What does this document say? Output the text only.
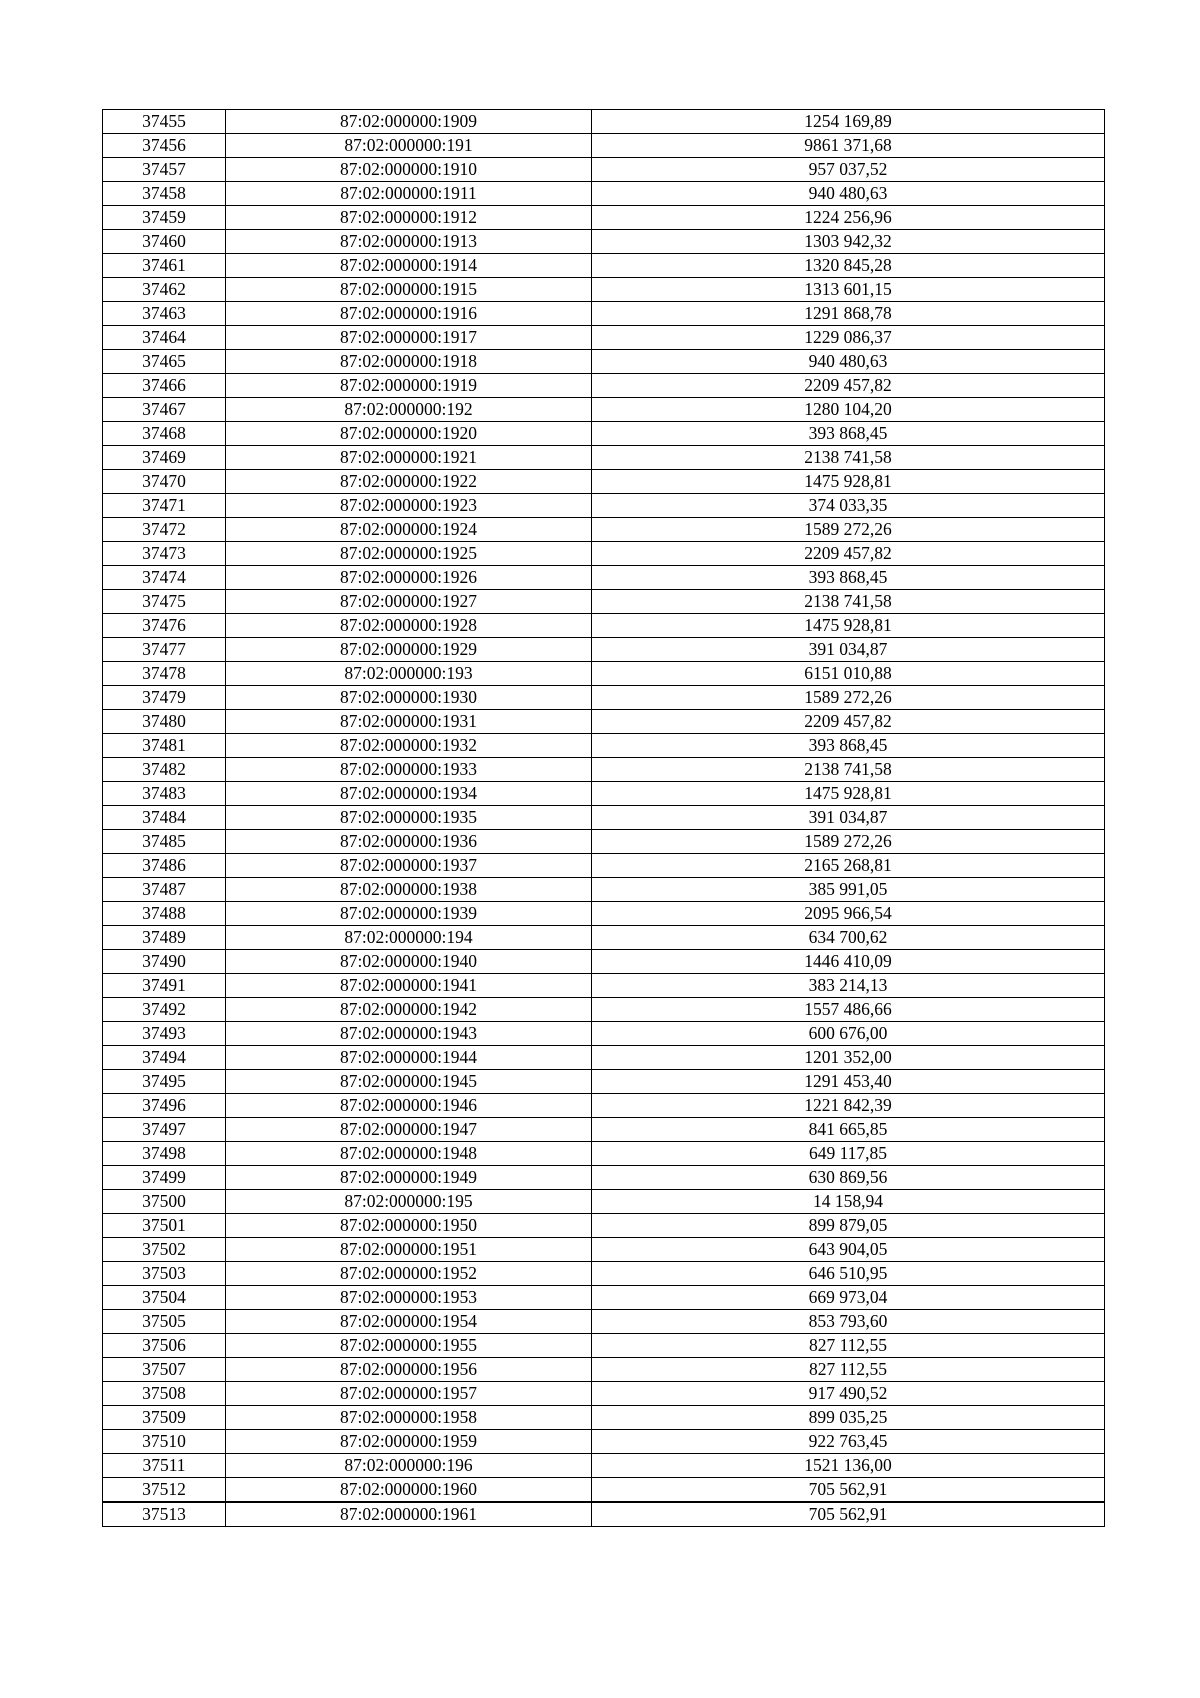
37455	87:02:000000:1909	1254 169,89
37456	87:02:000000:191	9861 371,68
37457	87:02:000000:1910	957 037,52
37458	87:02:000000:1911	940 480,63
37459	87:02:000000:1912	1224 256,96
37460	87:02:000000:1913	1303 942,32
37461	87:02:000000:1914	1320 845,28
37462	87:02:000000:1915	1313 601,15
37463	87:02:000000:1916	1291 868,78
37464	87:02:000000:1917	1229 086,37
37465	87:02:000000:1918	940 480,63
37466	87:02:000000:1919	2209 457,82
37467	87:02:000000:192	1280 104,20
37468	87:02:000000:1920	393 868,45
37469	87:02:000000:1921	2138 741,58
37470	87:02:000000:1922	1475 928,81
37471	87:02:000000:1923	374 033,35
37472	87:02:000000:1924	1589 272,26
37473	87:02:000000:1925	2209 457,82
37474	87:02:000000:1926	393 868,45
37475	87:02:000000:1927	2138 741,58
37476	87:02:000000:1928	1475 928,81
37477	87:02:000000:1929	391 034,87
37478	87:02:000000:193	6151 010,88
37479	87:02:000000:1930	1589 272,26
37480	87:02:000000:1931	2209 457,82
37481	87:02:000000:1932	393 868,45
37482	87:02:000000:1933	2138 741,58
37483	87:02:000000:1934	1475 928,81
37484	87:02:000000:1935	391 034,87
37485	87:02:000000:1936	1589 272,26
37486	87:02:000000:1937	2165 268,81
37487	87:02:000000:1938	385 991,05
37488	87:02:000000:1939	2095 966,54
37489	87:02:000000:194	634 700,62
37490	87:02:000000:1940	1446 410,09
37491	87:02:000000:1941	383 214,13
37492	87:02:000000:1942	1557 486,66
37493	87:02:000000:1943	600 676,00
37494	87:02:000000:1944	1201 352,00
37495	87:02:000000:1945	1291 453,40
37496	87:02:000000:1946	1221 842,39
37497	87:02:000000:1947	841 665,85
37498	87:02:000000:1948	649 117,85
37499	87:02:000000:1949	630 869,56
37500	87:02:000000:195	14 158,94
37501	87:02:000000:1950	899 879,05
37502	87:02:000000:1951	643 904,05
37503	87:02:000000:1952	646 510,95
37504	87:02:000000:1953	669 973,04
37505	87:02:000000:1954	853 793,60
37506	87:02:000000:1955	827 112,55
37507	87:02:000000:1956	827 112,55
37508	87:02:000000:1957	917 490,52
37509	87:02:000000:1958	899 035,25
37510	87:02:000000:1959	922 763,45
37511	87:02:000000:196	1521 136,00
37512	87:02:000000:1960	705 562,91
37513	87:02:000000:1961	705 562,91
